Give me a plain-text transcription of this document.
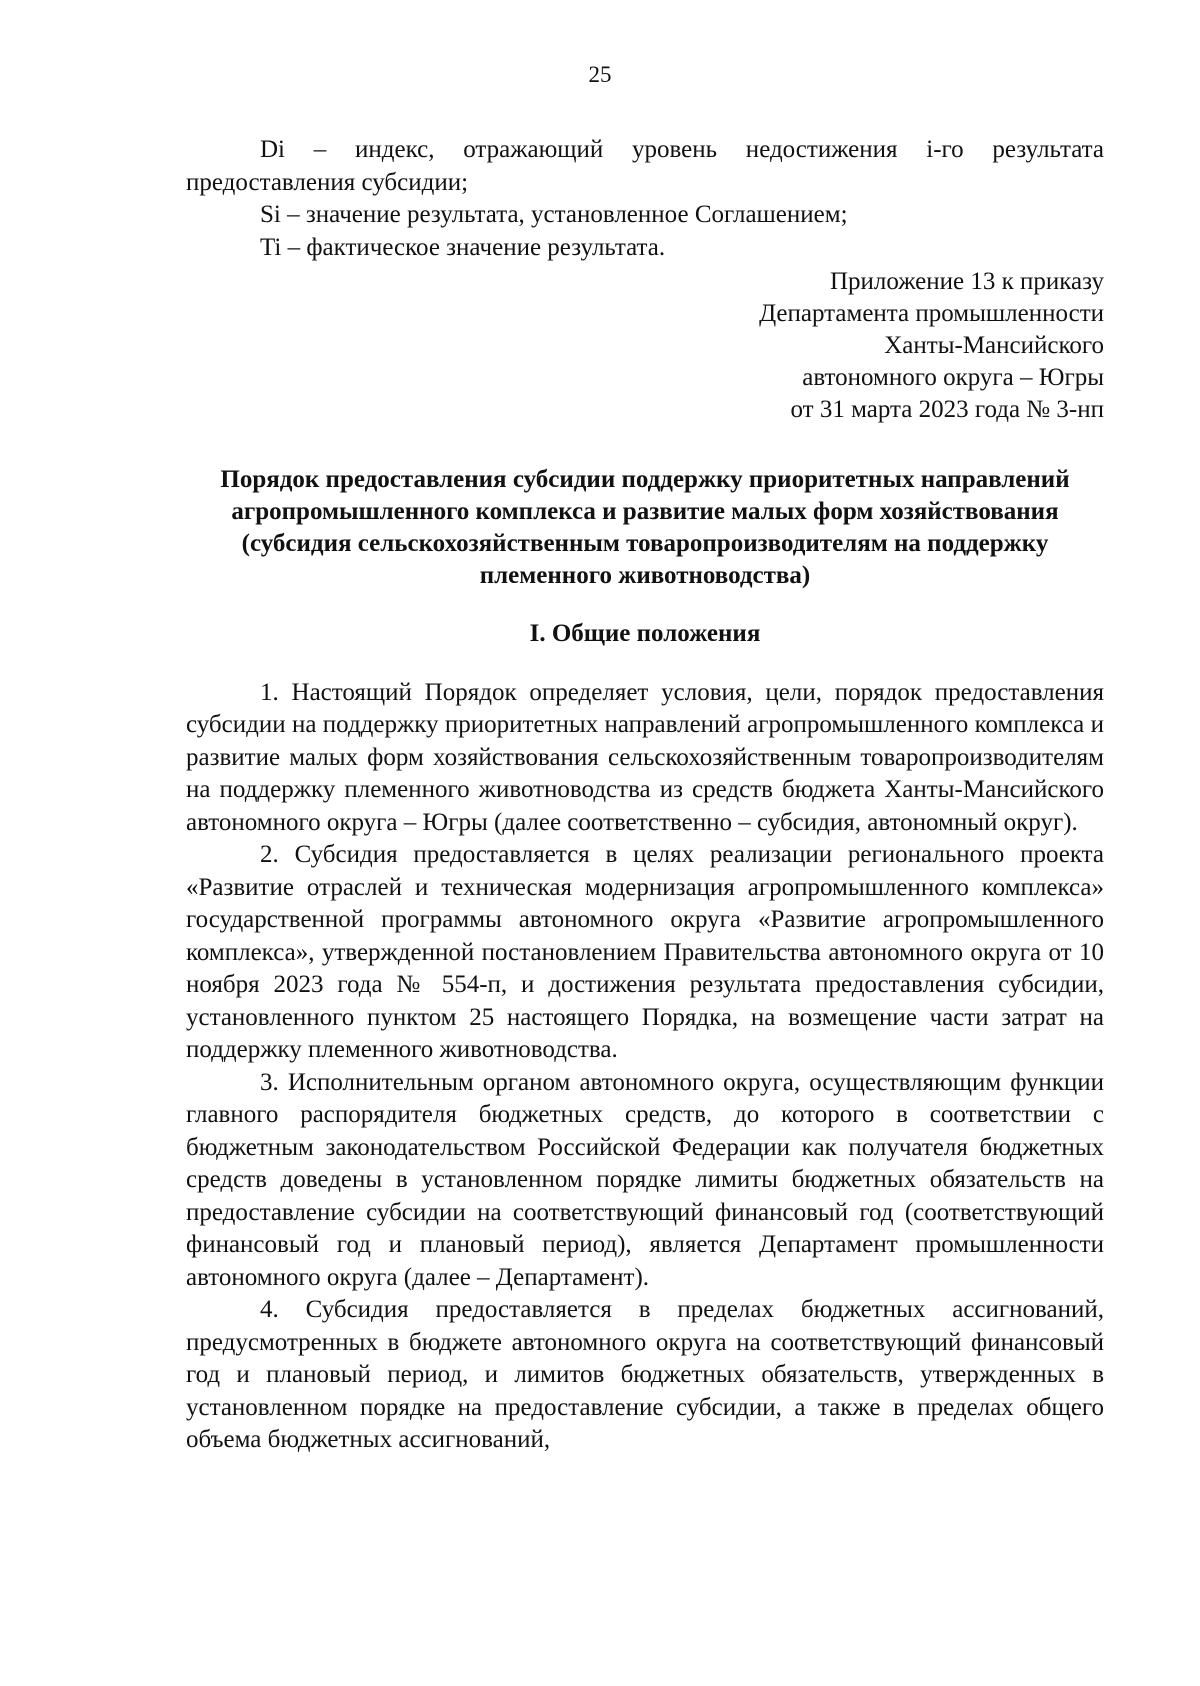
25

Di – индекс, отражающий уровень недостижения i-го результата предоставления субсидии;

Si – значение результата, установленное Соглашением;

Ti – фактическое значение результата.

Приложение 13 к приказу
Департамента промышленности
Ханты-Мансийского
автономного округа – Югры
от 31 марта 2023 года № 3-нп
Порядок предоставления субсидии поддержку приоритетных направлений агропромышленного комплекса и развитие малых форм хозяйствования (субсидия сельскохозяйственным товаропроизводителям на поддержку племенного животноводства)
I. Общие положения

1. Настоящий Порядок определяет условия, цели, порядок предоставления субсидии на поддержку приоритетных направлений агропромышленного комплекса и развитие малых форм хозяйствования сельскохозяйственным товаропроизводителям на поддержку племенного животноводства из средств бюджета Ханты-Мансийского автономного округа – Югры (далее соответственно – субсидия, автономный округ).

2. Субсидия предоставляется в целях реализации регионального проекта «Развитие отраслей и техническая модернизация агропромышленного комплекса» государственной программы автономного округа «Развитие агропромышленного комплекса», утвержденной постановлением Правительства автономного округа от 10 ноября 2023 года № 554-п, и достижения результата предоставления субсидии, установленного пунктом 25 настоящего Порядка, на возмещение части затрат на поддержку племенного животноводства.

3. Исполнительным органом автономного округа, осуществляющим функции главного распорядителя бюджетных средств, до которого в соответствии с бюджетным законодательством Российской Федерации как получателя бюджетных средств доведены в установленном порядке лимиты бюджетных обязательств на предоставление субсидии на соответствующий финансовый год (соответствующий финансовый год и плановый период), является Департамент промышленности автономного округа (далее – Департамент).

4. Субсидия предоставляется в пределах бюджетных ассигнований, предусмотренных в бюджете автономного округа на соответствующий финансовый год и плановый период, и лимитов бюджетных обязательств, утвержденных в установленном порядке на предоставление субсидии, а также в пределах общего объема бюджетных ассигнований,
